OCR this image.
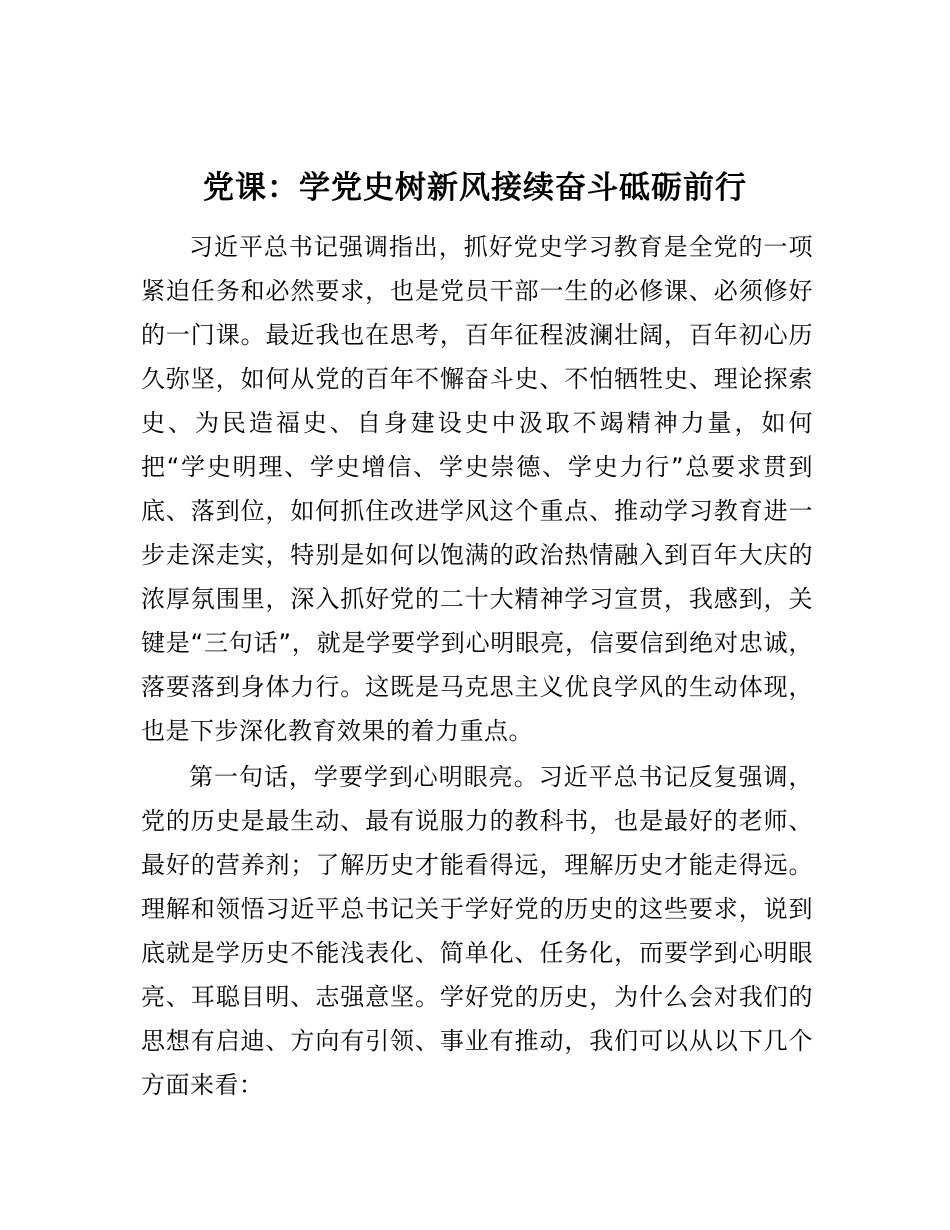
党课：学党史树新风接续奋斗砥砺前行

习近平总书记强调指出，抓好党史学习教育是全党的一项紧迫任务和必然要求，也是党员干部一生的必修课、必须修好的一门课。最近我也在思考，百年征程波澜壮阔，百年初心历久弥坚，如何从党的百年不懈奋斗史、不怕牺牲史、理论探索史、为民造福史、自身建设史中汲取不竭精神力量，如何把“学史明理、学史增信、学史崇德、学史力行”总要求贯到底、落到位，如何抓住改进学风这个重点、推动学习教育进一步走深走实，特别是如何以饱满的政治热情融入到百年大庆的浓厚氛围里，深入抓好党的二十大精神学习宣贯，我感到，关键是“三句话”，就是学要学到心明眼亮，信要信到绝对忠诚，落要落到身体力行。这既是马克思主义优良学风的生动体现，也是下步深化教育效果的着力重点。

第一句话，学要学到心明眼亮。习近平总书记反复强调，党的历史是最生动、最有说服力的教科书，也是最好的老师、最好的营养剂；了解历史才能看得远，理解历史才能走得远。理解和领悟习近平总书记关于学好党的历史的这些要求，说到底就是学历史不能浅表化、简单化、任务化，而要学到心明眼亮、耳聪目明、志强意坚。学好党的历史，为什么会对我们的思想有启迪、方向有引领、事业有推动，我们可以从以下几个方面来看：
